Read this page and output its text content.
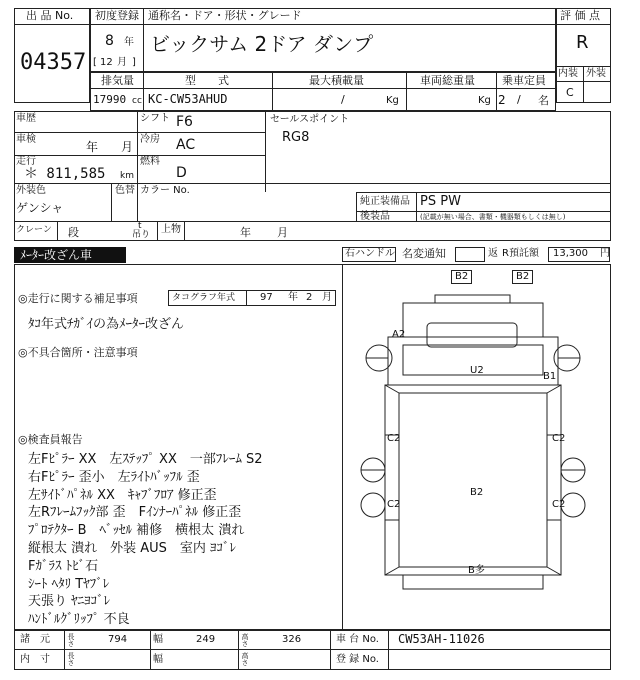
出 品 No.
04357
初度登録 通称名・ドア・形状・グレード
8 年
[ 12 月 ]
ビックサム 2ドア ダンプ
評 価 点
R
内装 外装
C
排気量	型　　式	最大積載量	車両総重量 乗車定員
17990 cc KC-CW53AHUD	/	Kg	Kg 2 / 名
車歴
車検
年 月
走行
＊ 811,585 km
シフト F6
冷房 AC
燃料
D
セールスポイント
RG8
外装色
ゲンシャ
色替 カラー No.
純正装備品 PS PW
後装品	(記載が無い場合、書類・機器類もしくは無し)
クレーン 段	t
吊り 上物	年 月
ﾒｰﾀｰ改ざん車	右ハンドル 名変通知	返 R預託額 13,300 円
◎走行に関する補足事項	タコグラフ年式 97 年 2 月
ﾀｺ年式ﾁｶﾞｲの為ﾒｰﾀｰ改ざん
◎不具合箇所・注意事項
◎検査員報告
左Fﾋﾟﾗｰ XX　左ｽﾃｯﾌﾟ XX　一部ﾌﾚｰﾑ S2
右Fﾋﾟﾗｰ 歪小　左ﾗｲﾄﾊﾞｯﾌﾙ 歪
左ｻｲﾄﾞﾊﾟﾈﾙ XX　ｷｬﾌﾞﾌﾛｱ 修正歪
左Rﾌﾚｰﾑﾌｯｸ部 歪　Fｲﾝﾅｰﾊﾟﾈﾙ 修正歪
ﾌﾟﾛﾃｸﾀｰ B　ﾍﾞｯｾﾙ 補修　横根太 潰れ
縦根太 潰れ　外装 AUS　室内 ﾖｺﾞﾚ
Fｶﾞﾗｽ ﾄﾋﾞ石
ｼｰﾄ ﾍﾀﾘ Tﾔﾌﾞﾚ
天張り ﾔﾆﾖｺﾞﾚ
ﾊﾝﾄﾞﾙｸﾞﾘｯﾌﾟ 不良
B2	B2
A2
U2
B1
C2	C2
B2
C2	C2
B多
諸　元 長さ	794	幅	249	高さ	326	車 台 No. CW53AH-11026
内　寸 長さ	幅	高さ	登 録 No.
